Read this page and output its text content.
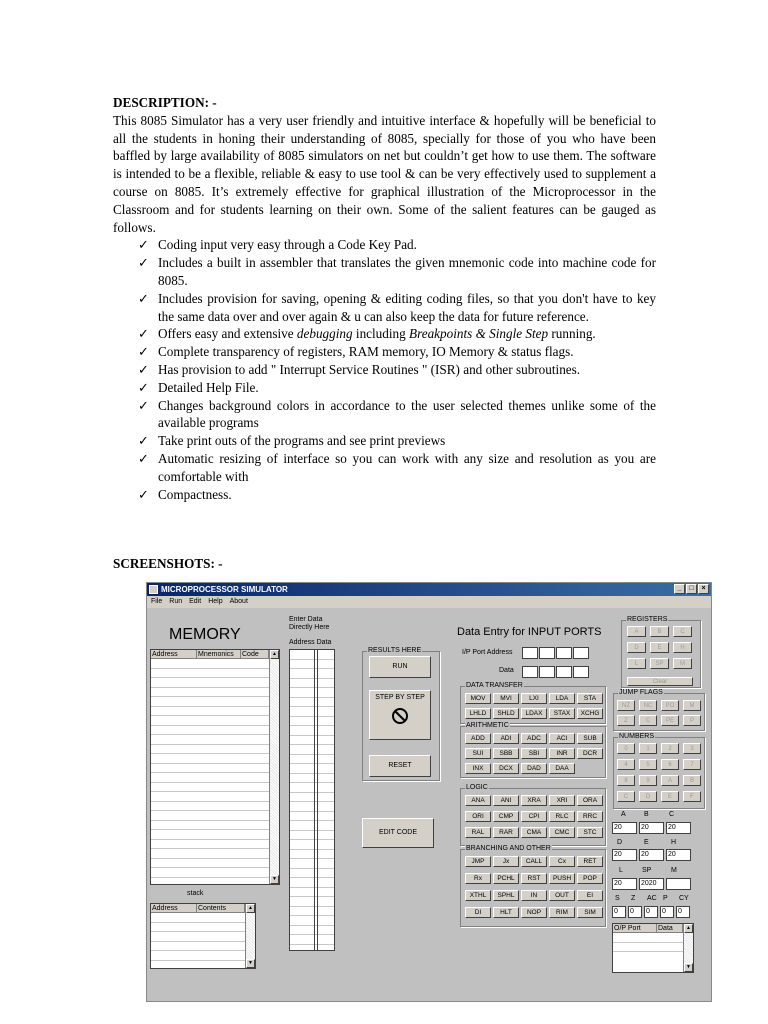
DESCRIPTION: -
This 8085 Simulator has a very user friendly and intuitive interface & hopefully will be beneficial to all the students in honing their understanding of 8085, specially for those of you who have been baffled by large availability of 8085 simulators on net but couldn’t get how to use them. The software is intended to be a flexible, reliable & easy to use tool & can be very effectively used to supplement a course on 8085. It’s extremely effective for graphical illustration of the Microprocessor in the Classroom and for students learning on their own. Some of the salient features can be gauged as follows.
✓ Coding input very easy through a Code Key Pad.
✓ Includes a built in assembler that translates the given mnemonic code into machine code for 8085.
✓ Includes provision for saving, opening & editing coding files, so that you don't have to key the same data over and over again & u can also keep the data for future reference.
✓ Offers easy and extensive debugging including Breakpoints & Single Step running.
✓ Complete transparency of registers, RAM memory, IO Memory & status flags.
✓ Has provision to add " Interrupt Service Routines " (ISR) and other subroutines.
✓ Detailed Help File.
✓ Changes background colors in accordance to the user selected themes unlike some of the available programs
✓ Take print outs of the programs and see print previews
✓ Automatic resizing of interface so you can work with any size and resolution as you are comfortable with
✓ Compactness.
SCREENSHOTS: -
MICROPROCESSOR SIMULATOR	_	□	×
File Run Edit Help About
MEMORY
Address	Mnemonics	Code	▲
▼
stack
Address	Contents	▲
▼
Enter Data Directly Here
Address Data
RESULTS HERE
RUN
STEP BY STEP
RESET
EDIT CODE
Data Entry for INPUT PORTS
I/P Port Address
Data
DATA TRANSFER
ARITHMETIC
LOGIC
BRANCHING AND OTHER
MOV	MVI	LXI	LDA	STA
LHLD	SHLD	LDAX	STAX	XCHG
ADD	ADI	ADC	ACI	SUB
SUI	SBB	SBI	INR	DCR
INX	DCX	DAD	DAA
ANA	ANI	XRA	XRI	ORA
ORI	CMP	CPI	RLC	RRC
RAL	RAR	CMA	CMC	STC
JMP	Jx	CALL	Cx	RET
Rx	PCHL	RST	PUSH	POP
XTHL	SPHL	IN	OUT	EI
DI	HLT	NOP	RIM	SIM
REGISTERS
JUMP FLAGS
NUMBERS
A	B	C
D	E	H
L	SP	M
NZ	NC	PO	M
Z	C	PE	P
0	1	2	3
4	5	6	7
8	9	A	B
C	D	E	F
Clear
A	B	C
20	20	20
D	E	H
20	20	20
L	SP	M
20	2020
S
0
Z
0
AC
0
P
0
CY
0
O/P Port	Data	▲
▼
